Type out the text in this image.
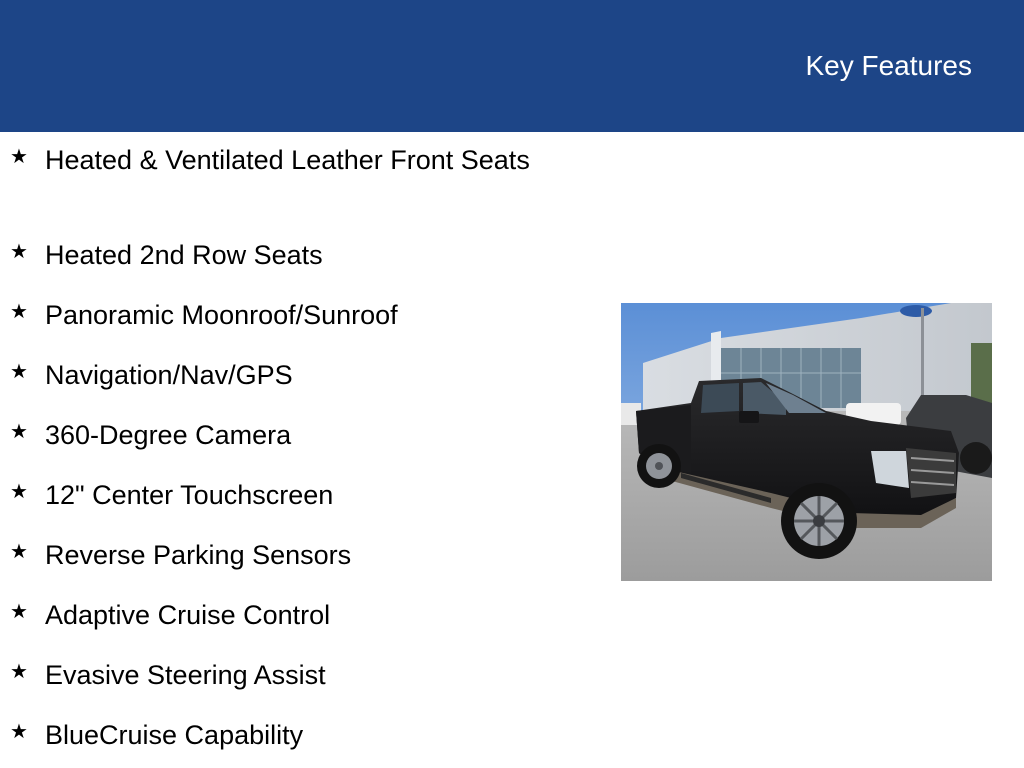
Key Features
★ Heated & Ventilated Leather Front Seats
★ Heated 2nd Row Seats
★ Panoramic Moonroof/Sunroof
★ Navigation/Nav/GPS
★ 360-Degree Camera
★ 12" Center Touchscreen
★ Reverse Parking Sensors
★ Adaptive Cruise Control
★ Evasive Steering Assist
★ BlueCruise Capability
